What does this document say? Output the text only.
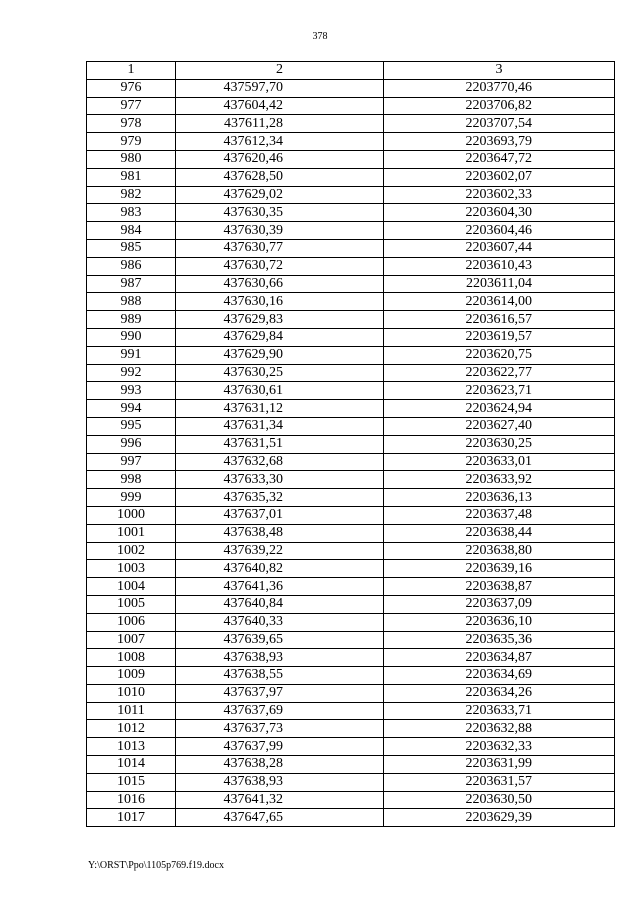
378
1	2	3
976	437597,70	2203770,46
977	437604,42	2203706,82
978	437611,28	2203707,54
979	437612,34	2203693,79
980	437620,46	2203647,72
981	437628,50	2203602,07
982	437629,02	2203602,33
983	437630,35	2203604,30
984	437630,39	2203604,46
985	437630,77	2203607,44
986	437630,72	2203610,43
987	437630,66	2203611,04
988	437630,16	2203614,00
989	437629,83	2203616,57
990	437629,84	2203619,57
991	437629,90	2203620,75
992	437630,25	2203622,77
993	437630,61	2203623,71
994	437631,12	2203624,94
995	437631,34	2203627,40
996	437631,51	2203630,25
997	437632,68	2203633,01
998	437633,30	2203633,92
999	437635,32	2203636,13
1000	437637,01	2203637,48
1001	437638,48	2203638,44
1002	437639,22	2203638,80
1003	437640,82	2203639,16
1004	437641,36	2203638,87
1005	437640,84	2203637,09
1006	437640,33	2203636,10
1007	437639,65	2203635,36
1008	437638,93	2203634,87
1009	437638,55	2203634,69
1010	437637,97	2203634,26
1011	437637,69	2203633,71
1012	437637,73	2203632,88
1013	437637,99	2203632,33
1014	437638,28	2203631,99
1015	437638,93	2203631,57
1016	437641,32	2203630,50
1017	437647,65	2203629,39
Y:\ORST\Ppo\1105p769.f19.docx
